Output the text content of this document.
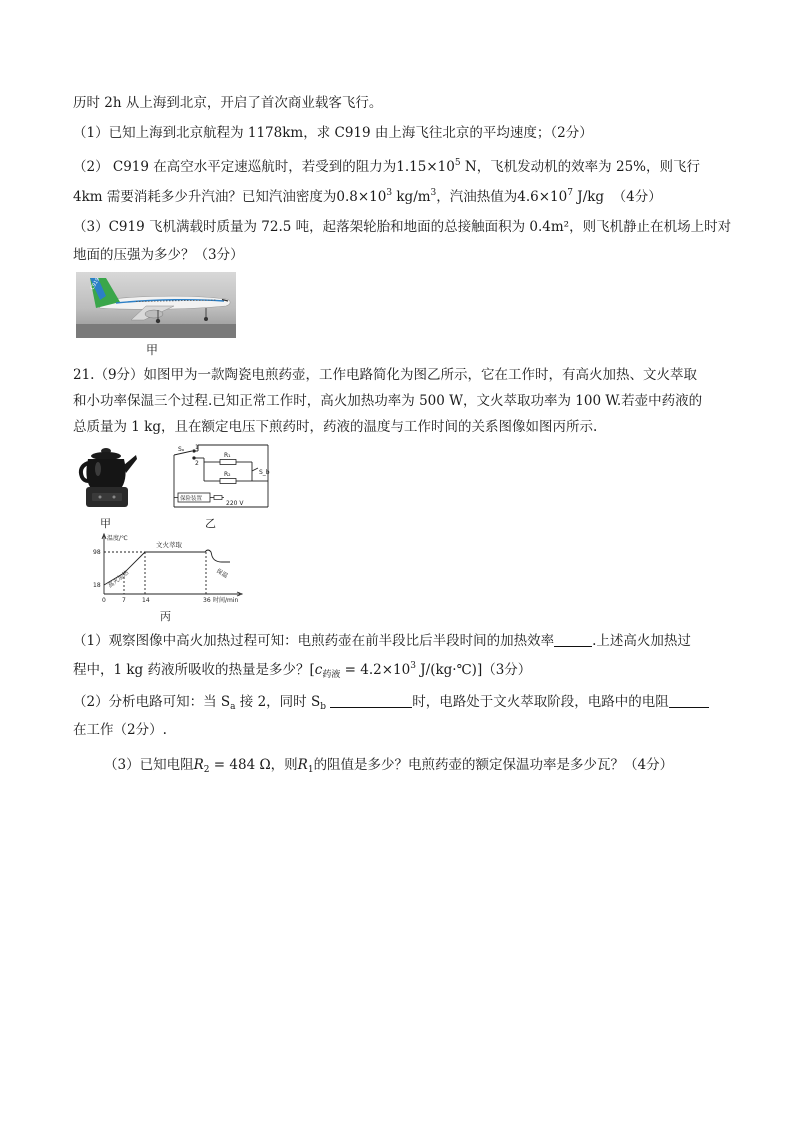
历时 2h 从上海到北京，开启了首次商业载客飞行。
（1）已知上海到北京航程为 1178km，求 C919 由上海飞往北京的平均速度；（2分）
（2） C919 在高空水平定速巡航时，若受到的阻力为$1.15\times 10^5$ N，飞机发动机的效率为 25%，则飞行
4km 需要消耗多少升汽油？已知汽油密度为$0.8\times 10^3$ $kg/m^3$，汽油热值为$4.6\times 10^7$ J/kg （4分）
（3）C919 飞机满载时质量为 72.5 吨，起落架轮胎和地面的总接触面积为 0.4m²，则飞机静止在机场上时对
地面的压强为多少？（3分）
C919
甲
21.（9分）如图甲为一款陶瓷电煎药壶，工作电路简化为图乙所示，它在工作时，有高火加热、文火萃取
和小功率保温三个过程.已知正常工作时，高火加热功率为 500 W，文火萃取功率为 100 W.若壶中药液的
总质量为 1 kg，且在额定电压下煎药时，药液的温度与工作时间的关系图像如图丙所示.
甲
Sₐ 1
2
R₁
R₂	S_b
保险装置
220 V
乙
温度/℃
98
18
0	7	14	36 时间/min
文火萃取
保温
高火加热
丙
（1）观察图像中高火加热过程可知：电煎药壶在前半段比后半段时间的加热效率	.上述高火加热过
程中，1 kg 药液所吸收的热量是多少？[$c_{药液} = 4.2\times 10^3$ J/(kg·℃)]（3分）
（2）分析电路可知：当 $S_a$ 接 2，同时 $S_b$	时，电路处于文火萃取阶段，电路中的电阻
在工作（2分）.
（3）已知电阻$R_2 = 484$ Ω，则$R_1$的阻值是多少？电煎药壶的额定保温功率是多少瓦？（4分）
